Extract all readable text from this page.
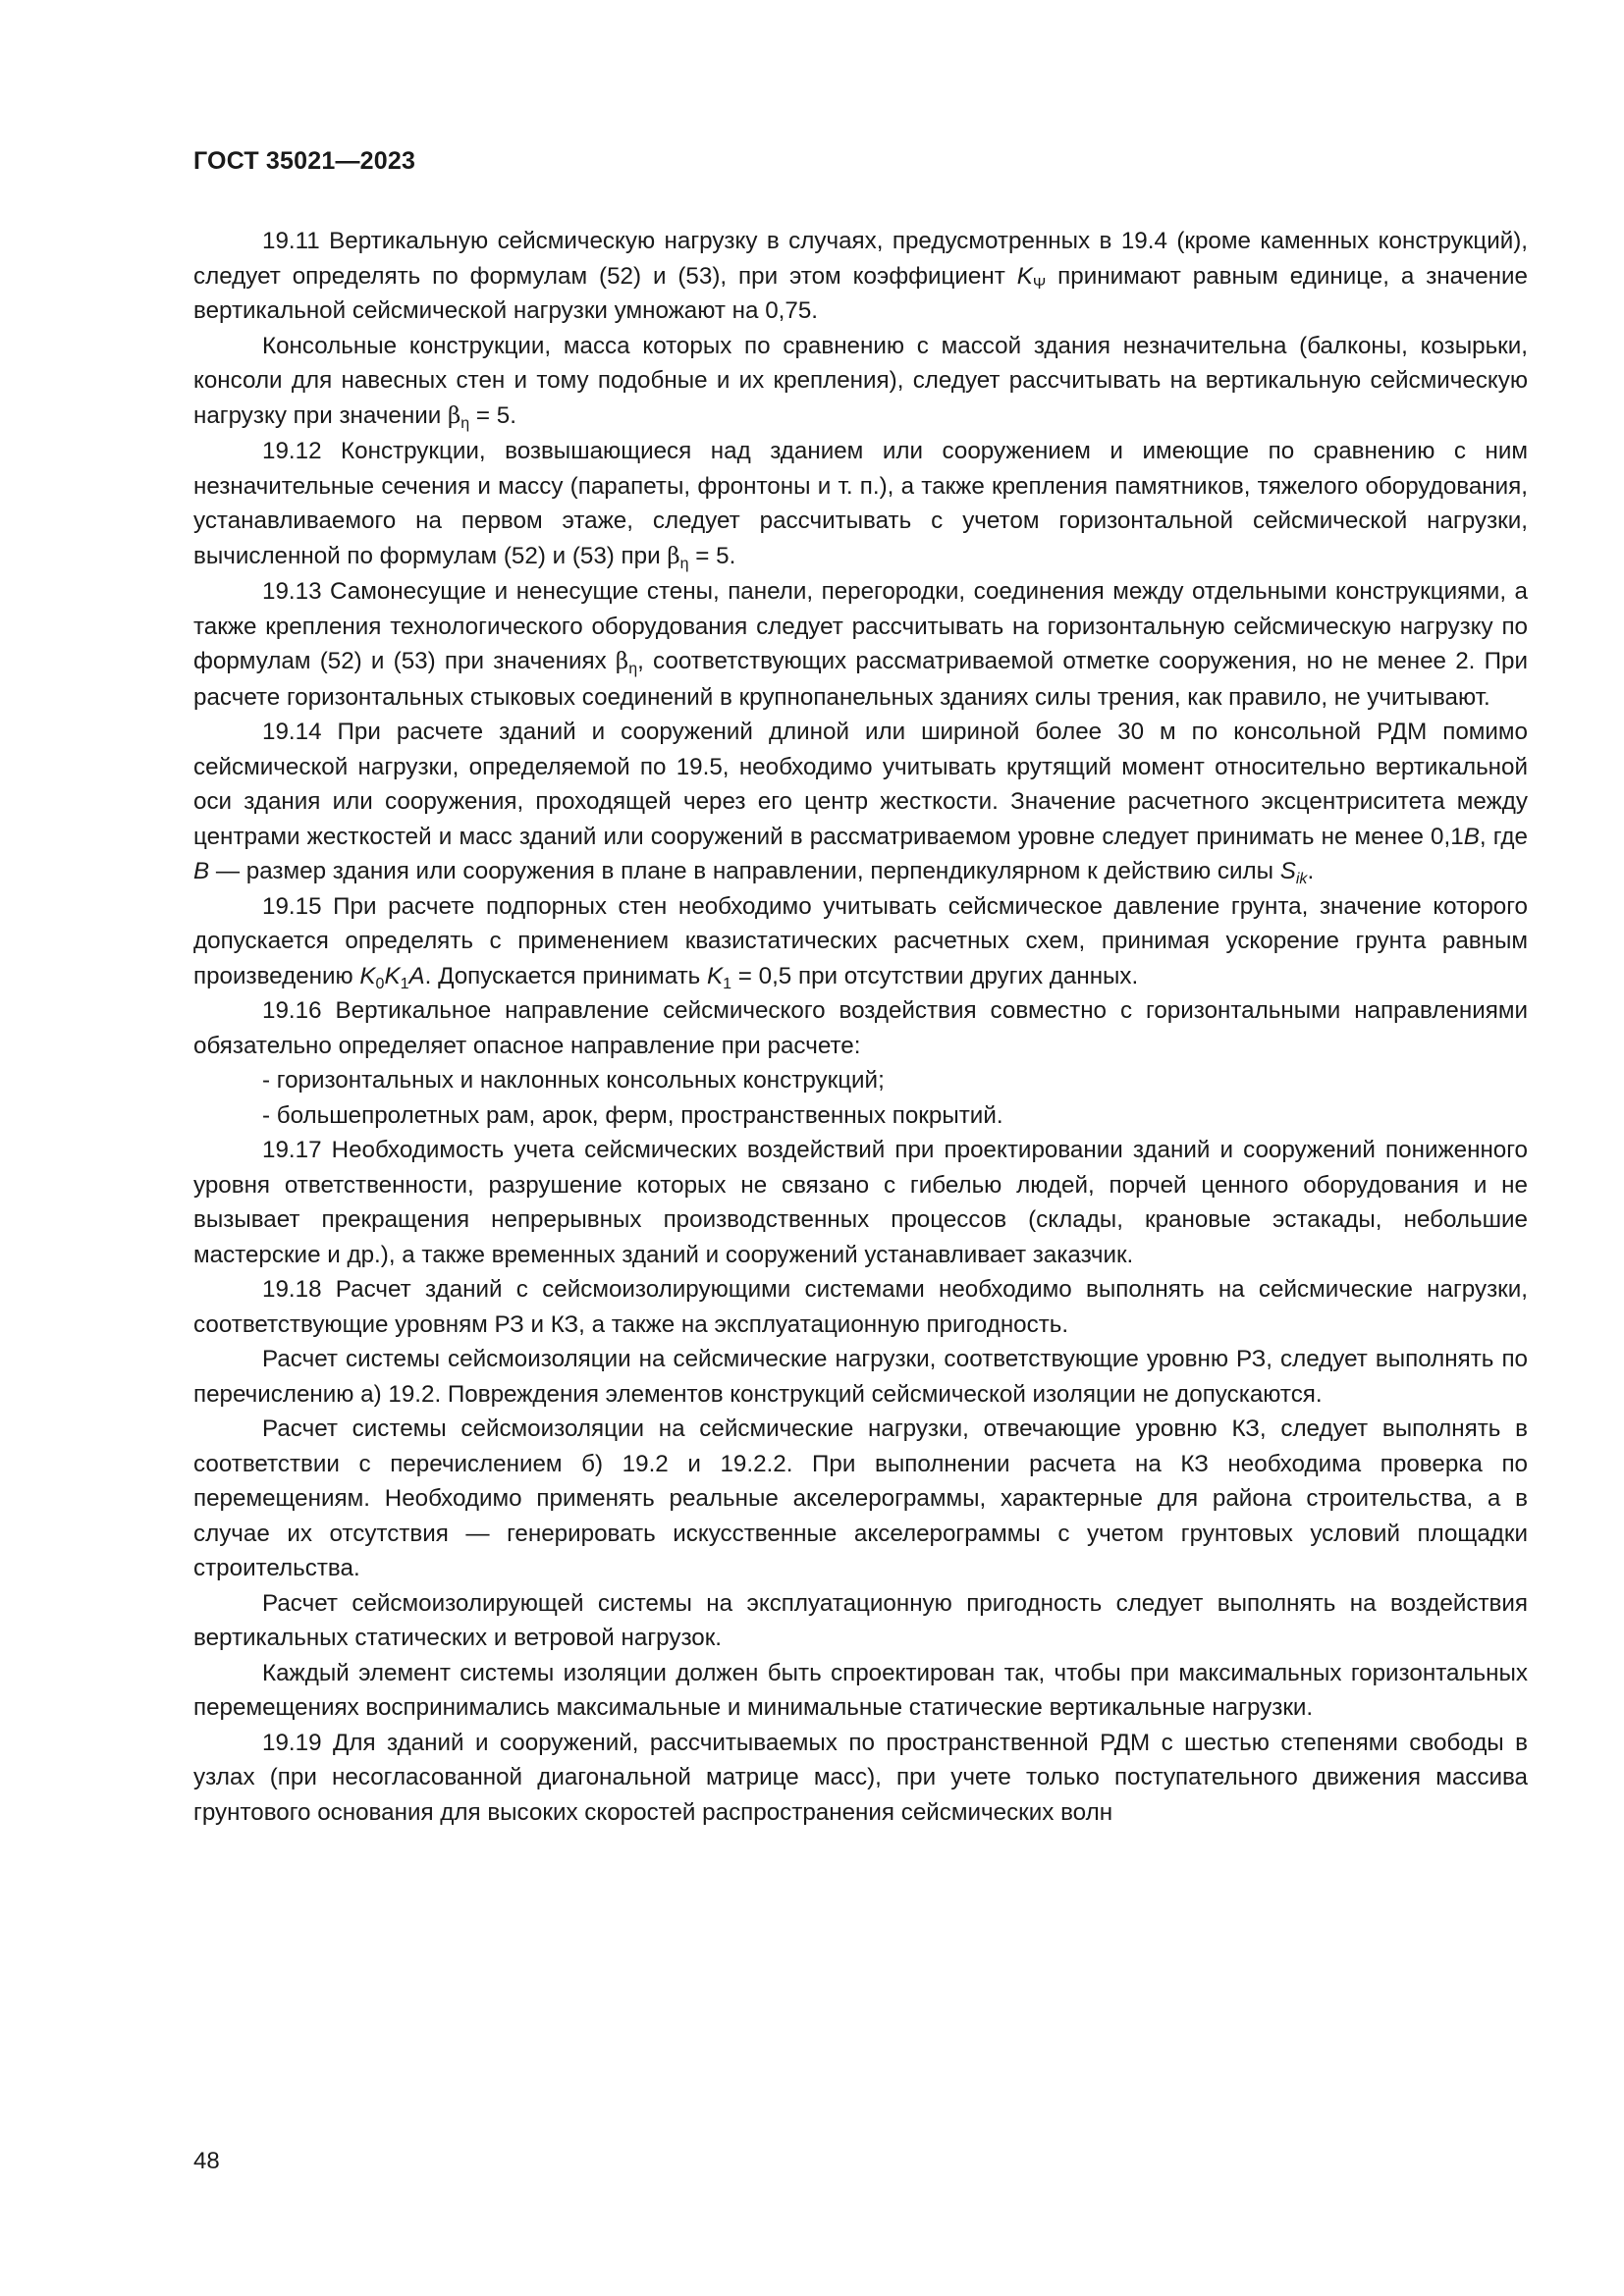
ГОСТ 35021—2023

19.11 Вертикальную сейсмическую нагрузку в случаях, предусмотренных в 19.4 (кроме каменных конструкций), следует определять по формулам (52) и (53), при этом коэффициент $K_\Psi$ принимают равным единице, а значение вертикальной сейсмической нагрузки умножают на 0,75.

Консольные конструкции, масса которых по сравнению с массой здания незначительна (балконы, козырьки, консоли для навесных стен и тому подобные и их крепления), следует рассчитывать на вертикальную сейсмическую нагрузку при значении $\beta_\eta = 5$.

19.12 Конструкции, возвышающиеся над зданием или сооружением и имеющие по сравнению с ним незначительные сечения и массу (парапеты, фронтоны и т. п.), а также крепления памятников, тяжелого оборудования, устанавливаемого на первом этаже, следует рассчитывать с учетом горизонтальной сейсмической нагрузки, вычисленной по формулам (52) и (53) при $\beta_\eta = 5$.

19.13 Самонесущие и ненесущие стены, панели, перегородки, соединения между отдельными конструкциями, а также крепления технологического оборудования следует рассчитывать на горизонтальную сейсмическую нагрузку по формулам (52) и (53) при значениях $\beta_\eta$, соответствующих рассматриваемой отметке сооружения, но не менее 2. При расчете горизонтальных стыковых соединений в крупнопанельных зданиях силы трения, как правило, не учитывают.

19.14 При расчете зданий и сооружений длиной или шириной более 30 м по консольной РДМ помимо сейсмической нагрузки, определяемой по 19.5, необходимо учитывать крутящий момент относительно вертикальной оси здания или сооружения, проходящей через его центр жесткости. Значение расчетного эксцентриситета между центрами жесткостей и масс зданий или сооружений в рассматриваемом уровне следует принимать не менее 0,1B, где B — размер здания или сооружения в плане в направлении, перпендикулярном к действию силы $S_{ik}$.

19.15 При расчете подпорных стен необходимо учитывать сейсмическое давление грунта, значение которого допускается определять с применением квазистатических расчетных схем, принимая ускорение грунта равным произведению $K_0K_1A$. Допускается принимать $K_1 = 0,5$ при отсутствии других данных.

19.16 Вертикальное направление сейсмического воздействия совместно с горизонтальными направлениями обязательно определяет опасное направление при расчете:

- горизонтальных и наклонных консольных конструкций;

- большепролетных рам, арок, ферм, пространственных покрытий.

19.17 Необходимость учета сейсмических воздействий при проектировании зданий и сооружений пониженного уровня ответственности, разрушение которых не связано с гибелью людей, порчей ценного оборудования и не вызывает прекращения непрерывных производственных процессов (склады, крановые эстакады, небольшие мастерские и др.), а также временных зданий и сооружений устанавливает заказчик.

19.18 Расчет зданий с сейсмоизолирующими системами необходимо выполнять на сейсмические нагрузки, соответствующие уровням РЗ и КЗ, а также на эксплуатационную пригодность.

Расчет системы сейсмоизоляции на сейсмические нагрузки, соответствующие уровню РЗ, следует выполнять по перечислению а) 19.2. Повреждения элементов конструкций сейсмической изоляции не допускаются.

Расчет системы сейсмоизоляции на сейсмические нагрузки, отвечающие уровню КЗ, следует выполнять в соответствии с перечислением б) 19.2 и 19.2.2. При выполнении расчета на КЗ необходима проверка по перемещениям. Необходимо применять реальные акселерограммы, характерные для района строительства, а в случае их отсутствия — генерировать искусственные акселерограммы с учетом грунтовых условий площадки строительства.

Расчет сейсмоизолирующей системы на эксплуатационную пригодность следует выполнять на воздействия вертикальных статических и ветровой нагрузок.

Каждый элемент системы изоляции должен быть спроектирован так, чтобы при максимальных горизонтальных перемещениях воспринимались максимальные и минимальные статические вертикальные нагрузки.

19.19 Для зданий и сооружений, рассчитываемых по пространственной РДМ с шестью степенями свободы в узлах (при несогласованной диагональной матрице масс), при учете только поступательного движения массива грунтового основания для высоких скоростей распространения сейсмических волн

48
